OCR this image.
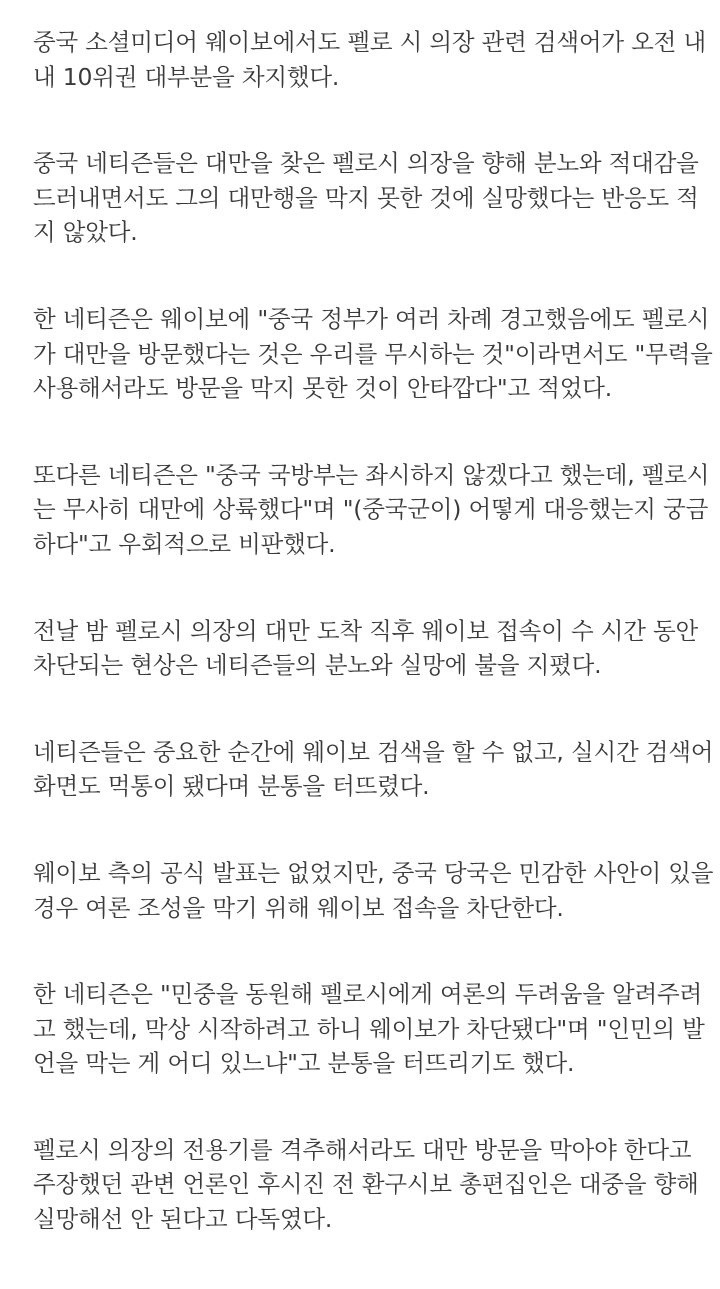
중국 소셜미디어 웨이보에서도 펠로 시 의장 관련 검색어가 오전 내
내 10위권 대부분을 차지했다.

중국 네티즌들은 대만을 찾은 펠로시 의장을 향해 분노와 적대감을
드러내면서도 그의 대만행을 막지 못한 것에 실망했다는 반응도 적
지 않았다.

한 네티즌은 웨이보에 "중국 정부가 여러 차례 경고했음에도 펠로시
가 대만을 방문했다는 것은 우리를 무시하는 것"이라면서도 "무력을
사용해서라도 방문을 막지 못한 것이 안타깝다"고 적었다.

또다른 네티즌은 "중국 국방부는 좌시하지 않겠다고 했는데, 펠로시
는 무사히 대만에 상륙했다"며 "(중국군이) 어떻게 대응했는지 궁금
하다"고 우회적으로 비판했다.

전날 밤 펠로시 의장의 대만 도착 직후 웨이보 접속이 수 시간 동안
차단되는 현상은 네티즌들의 분노와 실망에 불을 지폈다.

네티즌들은 중요한 순간에 웨이보 검색을 할 수 없고, 실시간 검색어
화면도 먹통이 됐다며 분통을 터뜨렸다.

웨이보 측의 공식 발표는 없었지만, 중국 당국은 민감한 사안이 있을
경우 여론 조성을 막기 위해 웨이보 접속을 차단한다.

한 네티즌은 "민중을 동원해 펠로시에게 여론의 두려움을 알려주려
고 했는데, 막상 시작하려고 하니 웨이보가 차단됐다"며 "인민의 발
언을 막는 게 어디 있느냐"고 분통을 터뜨리기도 했다.

펠로시 의장의 전용기를 격추해서라도 대만 방문을 막아야 한다고
주장했던 관변 언론인 후시진 전 환구시보 총편집인은 대중을 향해
실망해선 안 된다고 다독였다.
